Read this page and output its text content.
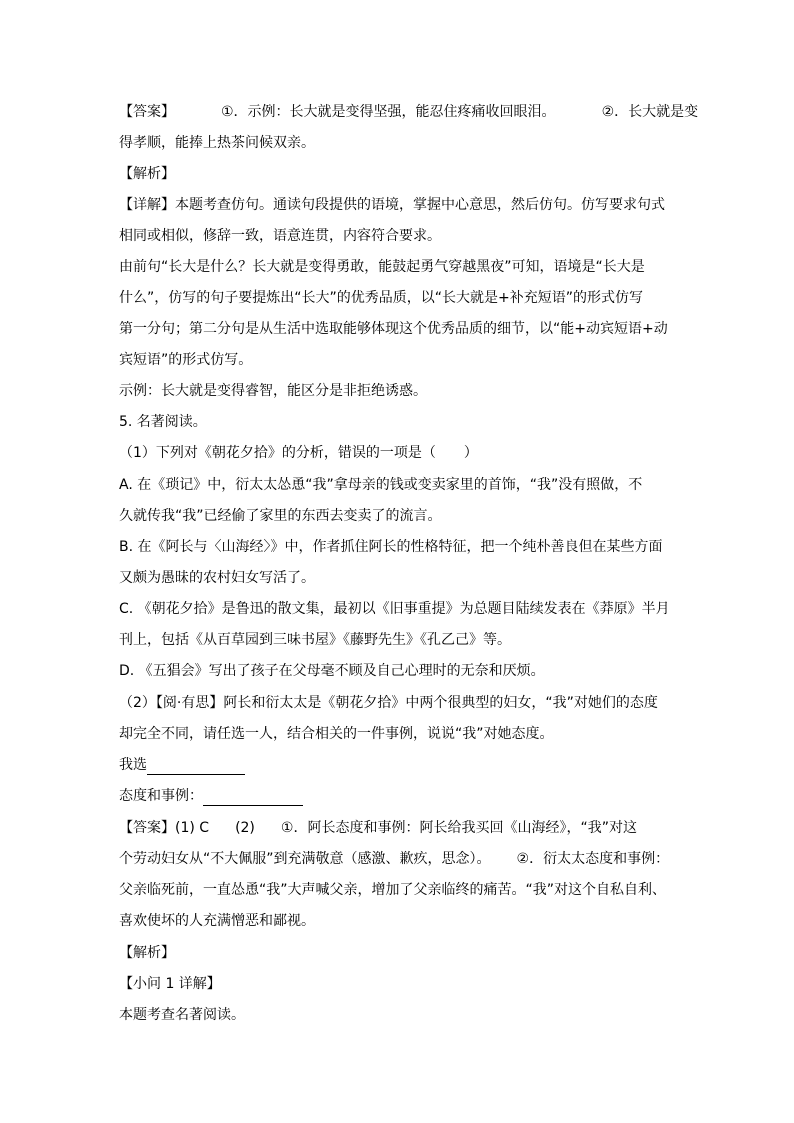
【答案】	①．示例：长大就是变得坚强，能忍住疼痛收回眼泪。	②．长大就是变
得孝顺，能捧上热茶问候双亲。
【解析】
【详解】本题考查仿句。通读句段提供的语境，掌握中心意思，然后仿句。仿写要求句式
相同或相似，修辞一致，语意连贯，内容符合要求。
由前句“长大是什么？长大就是变得勇敢，能鼓起勇气穿越黑夜”可知，语境是“长大是
什么”，仿写的句子要提炼出“长大”的优秀品质，以“长大就是+补充短语”的形式仿写
第一分句；第二分句是从生活中选取能够体现这个优秀品质的细节，以“能+动宾短语+动
宾短语”的形式仿写。
示例：长大就是变得睿智，能区分是非拒绝诱惑。
5. 名著阅读。
（1）下列对《朝花夕拾》的分析，错误的一项是（　　）
A. 在《琐记》中，衍太太怂恿“我”拿母亲的钱或变卖家里的首饰，“我”没有照做，不
久就传我“我”已经偷了家里的东西去变卖了的流言。
B. 在《阿长与〈山海经〉》中，作者抓住阿长的性格特征，把一个纯朴善良但在某些方面
又颇为愚昧的农村妇女写活了。
C. 《朝花夕拾》是鲁迅的散文集，最初以《旧事重提》为总题目陆续发表在《莽原》半月
刊上，包括《从百草园到三味书屋》《藤野先生》《孔乙己》等。
D. 《五猖会》写出了孩子在父母毫不顾及自己心理时的无奈和厌烦。
（2）【阅·有思】阿长和衍太太是《朝花夕拾》中两个很典型的妇女，“我”对她们的态度
却完全不同，请任选一人，结合相关的一件事例，说说“我”对她态度。
我选
态度和事例：
【答案】(1) C (2) ①．阿长态度和事例：阿长给我买回《山海经》，“我”对这
个劳动妇女从“不大佩服”到充满敬意（感激、歉疚，思念）。 ②．衍太太态度和事例：
父亲临死前，一直怂恿“我”大声喊父亲，增加了父亲临终的痛苦。“我”对这个自私自利、
喜欢使坏的人充满憎恶和鄙视。
【解析】
【小问 1 详解】
本题考查名著阅读。
